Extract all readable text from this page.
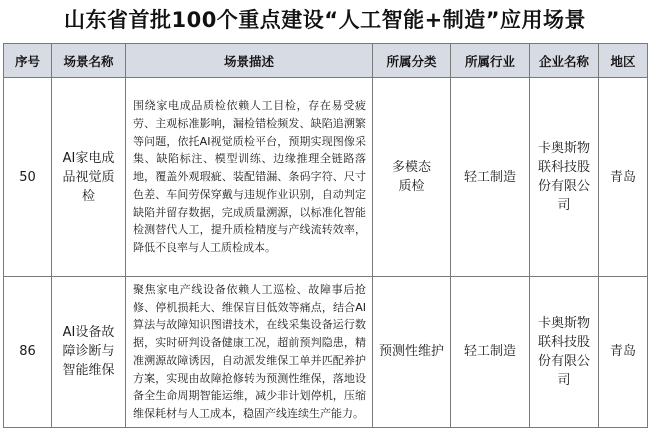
山东省首批100个重点建设“人工智能+制造”应用场景
序号	场景名称	场景描述	所属分类	所属行业	企业名称	地区
50	AI家电成品视觉质检	围绕家电成品质检依赖人工目检，存在易受疲劳、主观标准影响，漏检错检频发、缺陷追溯繁等问题，依托AI视觉质检平台，预期实现图像采集、缺陷标注、模型训练、边缘推理全链路落地，覆盖外观瑕疵、装配错漏、条码字符、尺寸色差、车间劳保穿戴与违规作业识别，自动判定缺陷并留存数据，完成质量溯源，以标准化智能检测替代人工，提升质检精度与产线流转效率，降低不良率与人工质检成本。	多模态质检	轻工制造	卡奥斯物联科技股份有限公司	青岛
86	AI设备故障诊断与智能维保	聚焦家电产线设备依赖人工巡检、故障事后抢修、停机损耗大、维保盲目低效等痛点，结合AI算法与故障知识图谱技术，在线采集设备运行数据，实时研判设备健康工况，超前预判隐患，精准溯源故障诱因，自动派发维保工单并匹配养护方案，实现由故障抢修转为预测性维保，落地设备全生命周期智能运维，减少非计划停机，压缩维保耗材与人工成本，稳固产线连续生产能力。	预测性维护	轻工制造	卡奥斯物联科技股份有限公司	青岛
